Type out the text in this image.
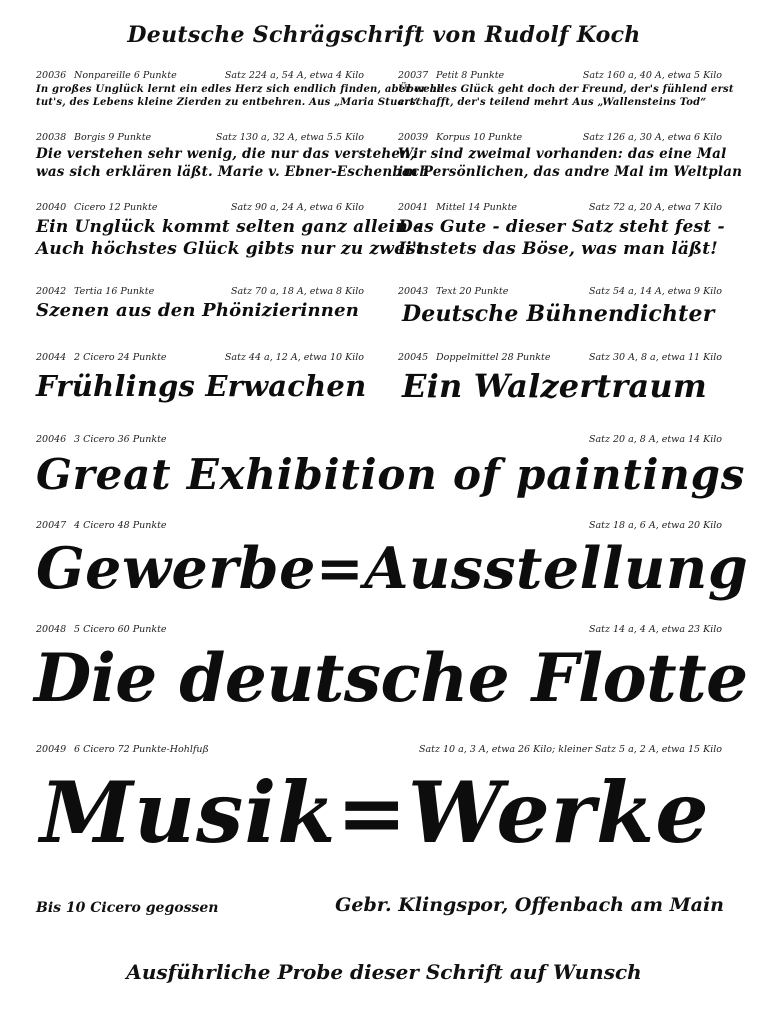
Deutsche Schrägschrift von Rudolf Koch
20036 Nonpareille 6 Punkte	Satz 224 a, 54 A, etwa 4 Kilo
In großes Unglück lernt ein edles Herz sich endlich finden, aber wehe
tut's, des Lebens kleine Zierden zu entbehren. Aus „Maria Stuart“
20037 Petit 8 Punkte	Satz 160 a, 40 A, etwa 5 Kilo
Über alles Glück geht doch der Freund, der's fühlend erst
erschafft, der's teilend mehrt Aus „Wallensteins Tod“
20038 Borgis 9 Punkte	Satz 130 a, 32 A, etwa 5.5 Kilo
Die verstehen sehr wenig, die nur das verstehen,
was sich erklären läßt. Marie v. Ebner-Eschenbach
20039 Korpus 10 Punkte	Satz 126 a, 30 A, etwa 6 Kilo
Wir sind zweimal vorhanden: das eine Mal
im Persönlichen, das andre Mal im Weltplan
20040 Cicero 12 Punkte	Satz 90 a, 24 A, etwa 6 Kilo
Ein Unglück kommt selten ganz allein -
Auch höchstes Glück gibts nur zu zwei'n
20041 Mittel 14 Punkte	Satz 72 a, 20 A, etwa 7 Kilo
Das Gute - dieser Satz steht fest -
Ist stets das Böse, was man läßt!
20042 Tertia 16 Punkte	Satz 70 a, 18 A, etwa 8 Kilo
Szenen aus den Phönizierinnen
20043 Text 20 Punkte	Satz 54 a, 14 A, etwa 9 Kilo
Deutsche Bühnendichter
20044 2 Cicero 24 Punkte	Satz 44 a, 12 A, etwa 10 Kilo
Frühlings Erwachen
20045 Doppelmittel 28 Punkte	Satz 30 A, 8 a, etwa 11 Kilo
Ein Walzertraum
20046 3 Cicero 36 Punkte	Satz 20 a, 8 A, etwa 14 Kilo
Great Exhibition of paintings
20047 4 Cicero 48 Punkte	Satz 18 a, 6 A, etwa 20 Kilo
Gewerbe=Ausstellung
20048 5 Cicero 60 Punkte	Satz 14 a, 4 A, etwa 23 Kilo
Die deutsche Flotte
20049 6 Cicero 72 Punkte-Hohlfuß	Satz 10 a, 3 A, etwa 26 Kilo; kleiner Satz 5 a, 2 A, etwa 15 Kilo
Musik=Werke
Bis 10 Cicero gegossen	Gebr. Klingspor, Offenbach am Main
Ausführliche Probe dieser Schrift auf Wunsch
